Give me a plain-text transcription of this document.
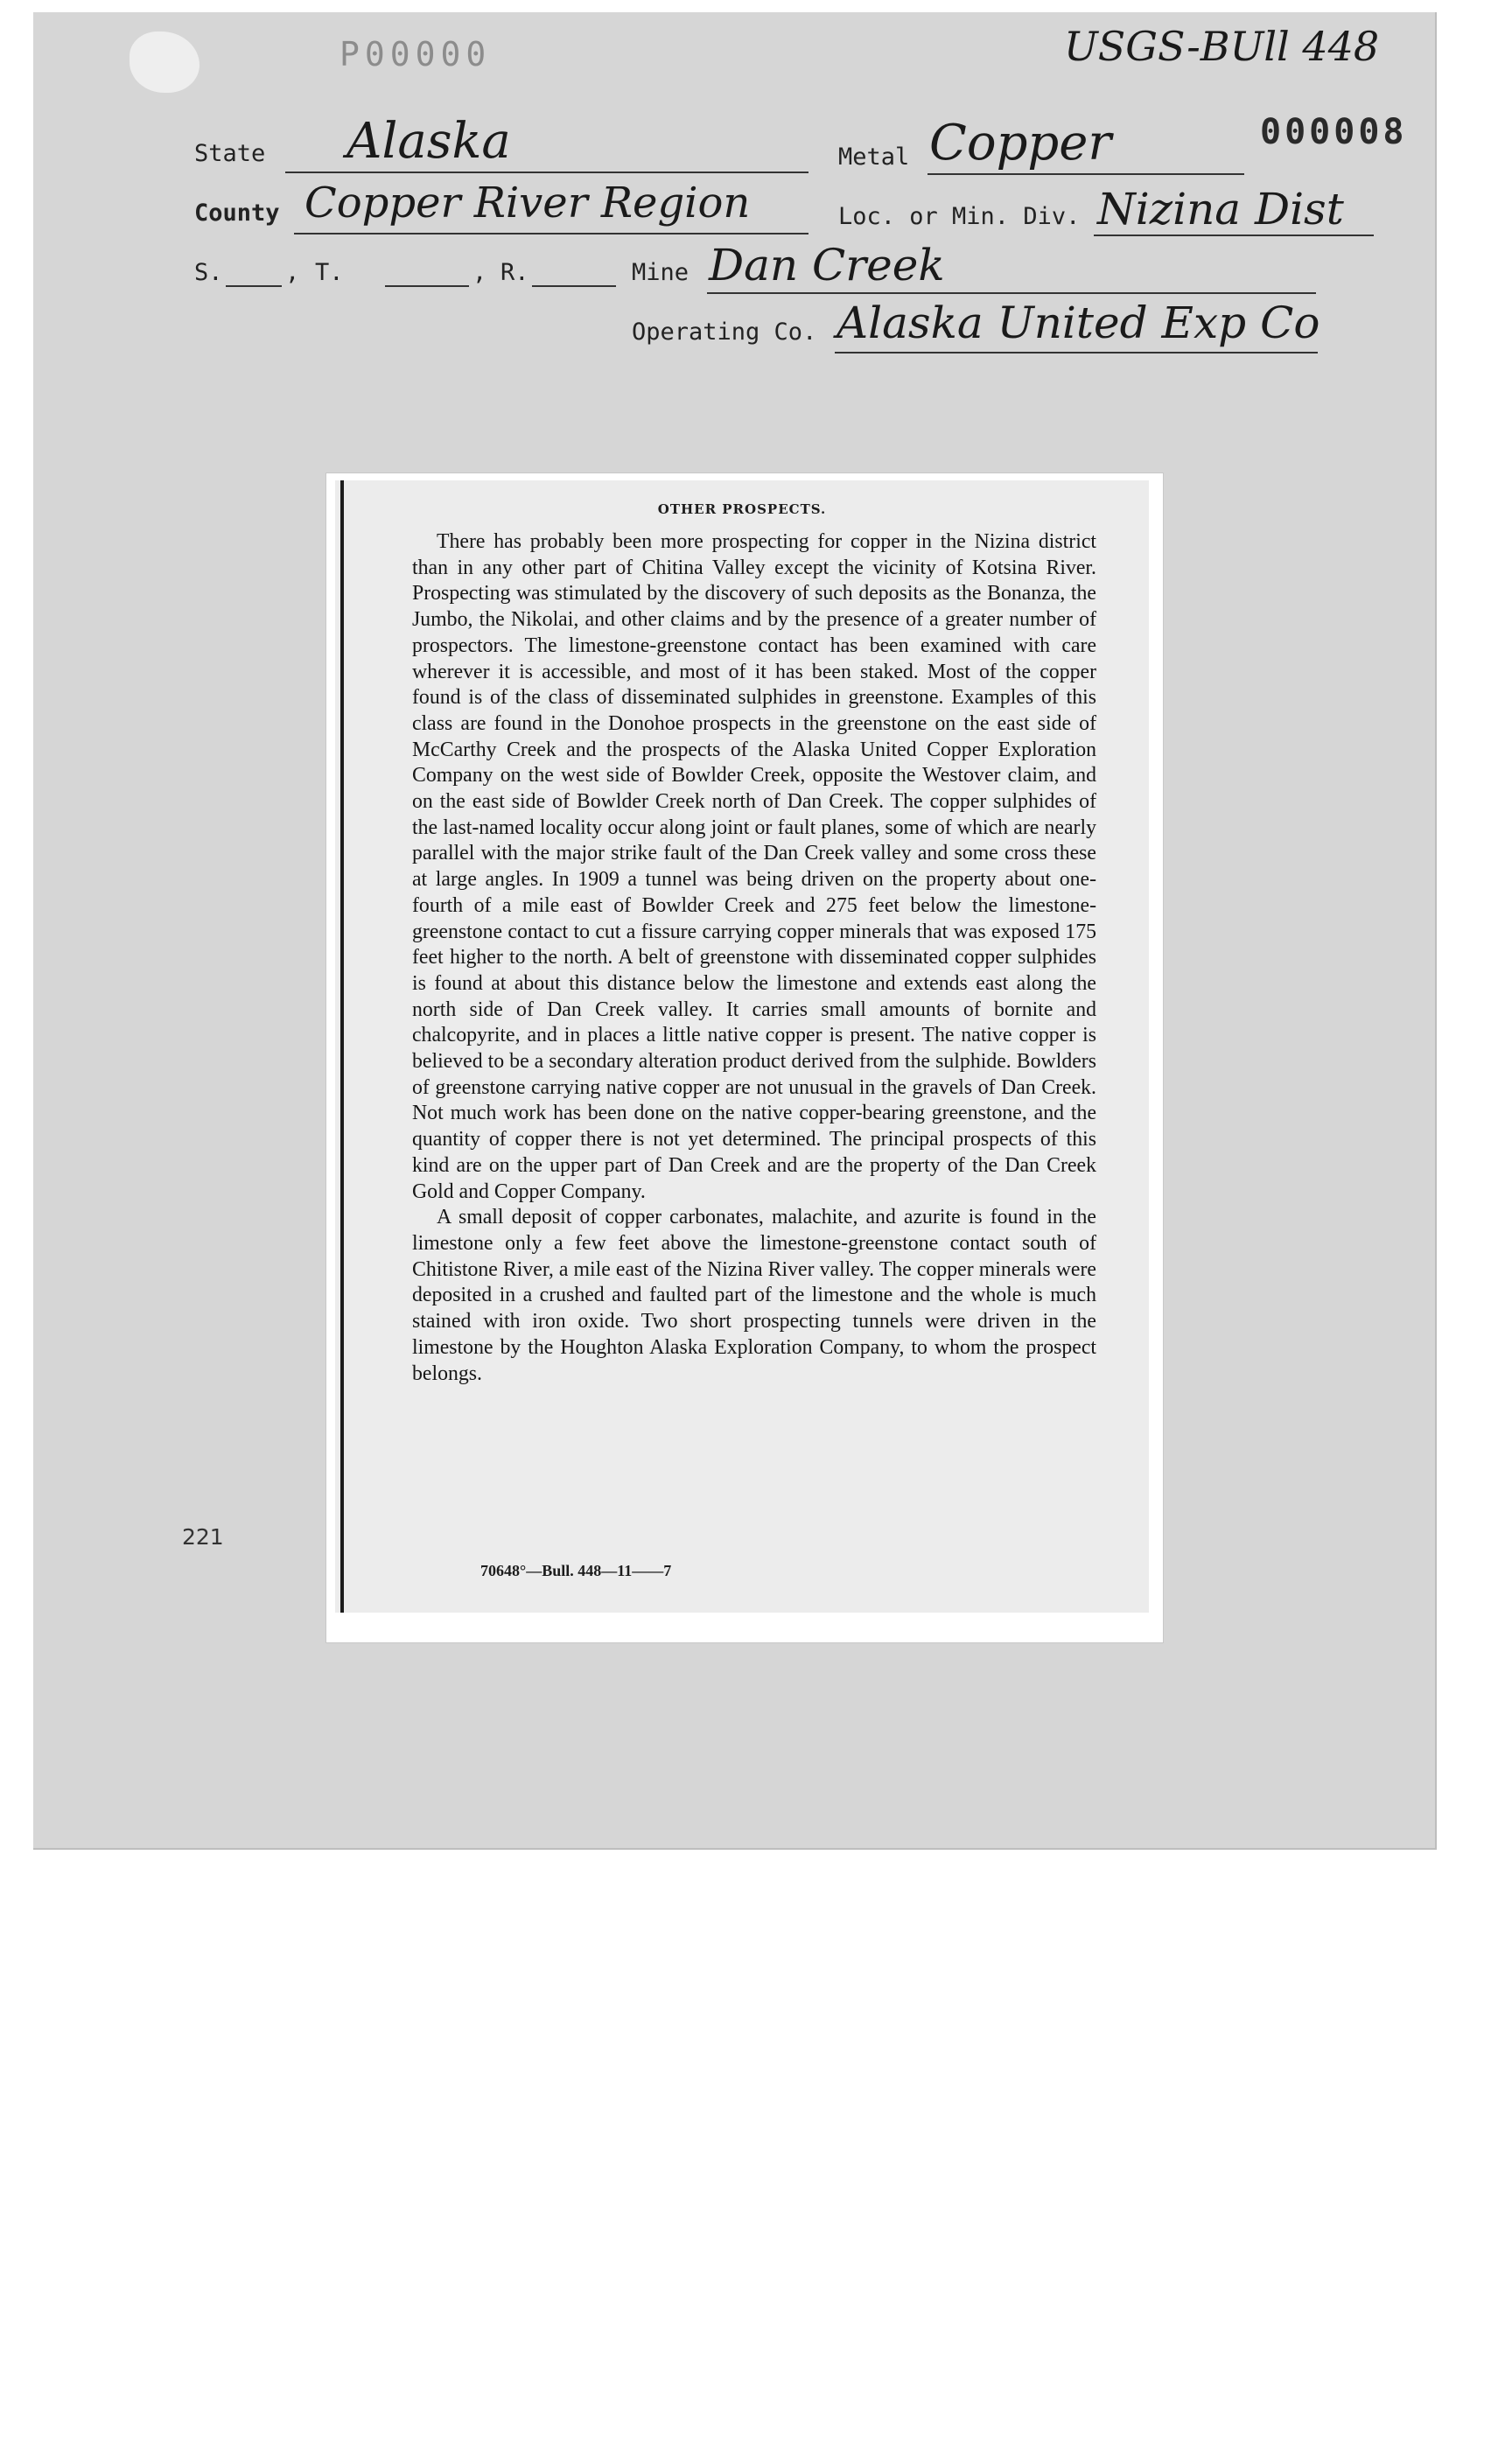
P00000	USGS-BUll 448
000008
State Alaska	Metal Copper
County Copper River Region	Loc. or Min. Div. Nizina Dist
S.	, T.	, R.	Mine Dan Creek
Operating Co. Alaska United Exp Co
221
OTHER PROSPECTS.

There has probably been more prospecting for copper in the Nizina district than in any other part of Chitina Valley except the vicinity of Kotsina River. Prospecting was stimulated by the discovery of such deposits as the Bonanza, the Jumbo, the Nikolai, and other claims and by the presence of a greater number of prospectors. The limestone-greenstone contact has been examined with care wherever it is accessible, and most of it has been staked. Most of the copper found is of the class of disseminated sulphides in greenstone. Examples of this class are found in the Donohoe prospects in the greenstone on the east side of McCarthy Creek and the prospects of the Alaska United Copper Exploration Company on the west side of Bowlder Creek, opposite the Westover claim, and on the east side of Bowlder Creek north of Dan Creek. The copper sulphides of the last-named locality occur along joint or fault planes, some of which are nearly parallel with the major strike fault of the Dan Creek valley and some cross these at large angles. In 1909 a tunnel was being driven on the property about one-fourth of a mile east of Bowlder Creek and 275 feet below the limestone-greenstone contact to cut a fissure carrying copper minerals that was exposed 175 feet higher to the north. A belt of greenstone with disseminated copper sulphides is found at about this distance below the limestone and extends east along the north side of Dan Creek valley. It carries small amounts of bornite and chalcopyrite, and in places a little native copper is present. The native copper is believed to be a secondary alteration product derived from the sulphide. Bowlders of greenstone carrying native copper are not unusual in the gravels of Dan Creek. Not much work has been done on the native copper-bearing greenstone, and the quantity of copper there is not yet determined. The principal prospects of this kind are on the upper part of Dan Creek and are the property of the Dan Creek Gold and Copper Company.

A small deposit of copper carbonates, malachite, and azurite is found in the limestone only a few feet above the limestone-greenstone contact south of Chitistone River, a mile east of the Nizina River valley. The copper minerals were deposited in a crushed and faulted part of the limestone and the whole is much stained with iron oxide. Two short prospecting tunnels were driven in the limestone by the Houghton Alaska Exploration Company, to whom the prospect belongs.

70648°—Bull. 448—11——7
